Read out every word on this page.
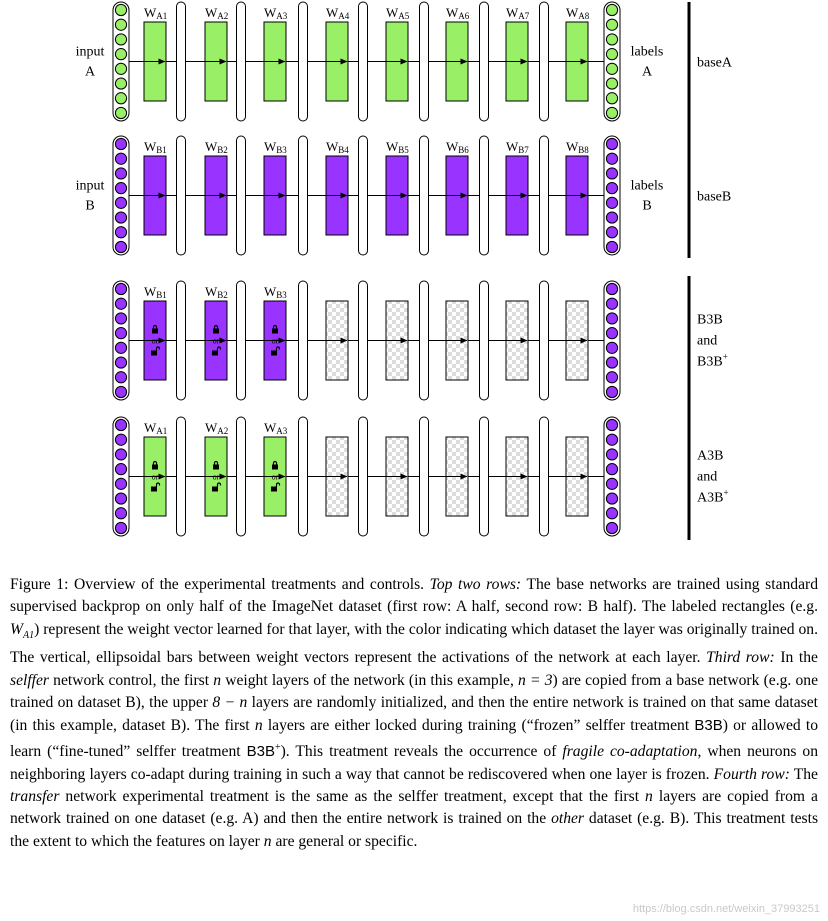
WA1	WA2	WA3	WA4	WA5	WA6	WA7	WA8
input
A
labels
A
baseA
WB1	WB2	WB3	WB4	WB5	WB6	WB7	WB8
input
B
labels
B
baseB
WB1
or
WB2
or
WB3
or
B3B
and
B3B+
WA1
or
WA2
or
WA3
or
A3B
and
A3B+

Figure 1: Overview of the experimental treatments and controls. Top two rows: The base networks are trained using standard supervised backprop on only half of the ImageNet dataset (first row: A half, second row: B half). The labeled rectangles (e.g. $W_{A1}$) represent the weight vector learned for that layer, with the color indicating which dataset the layer was originally trained on. The vertical, ellipsoidal bars between weight vectors represent the activations of the network at each layer. Third row: In the selffer network control, the first n weight layers of the network (in this example, n = 3) are copied from a base network (e.g. one trained on dataset B), the upper 8 − n layers are randomly initialized, and then the entire network is trained on that same dataset (in this example, dataset B). The first n layers are either locked during training (“frozen” selffer treatment B3B) or allowed to learn (“fine-tuned” selffer treatment B3B+). This treatment reveals the occurrence of fragile co-adaptation, when neurons on neighboring layers co-adapt during training in such a way that cannot be rediscovered when one layer is frozen. Fourth row: The transfer network experimental treatment is the same as the selffer treatment, except that the first n layers are copied from a network trained on one dataset (e.g. A) and then the entire network is trained on the other dataset (e.g. B). This treatment tests the extent to which the features on layer n are general or specific.

https://blog.csdn.net/weixin_37993251
